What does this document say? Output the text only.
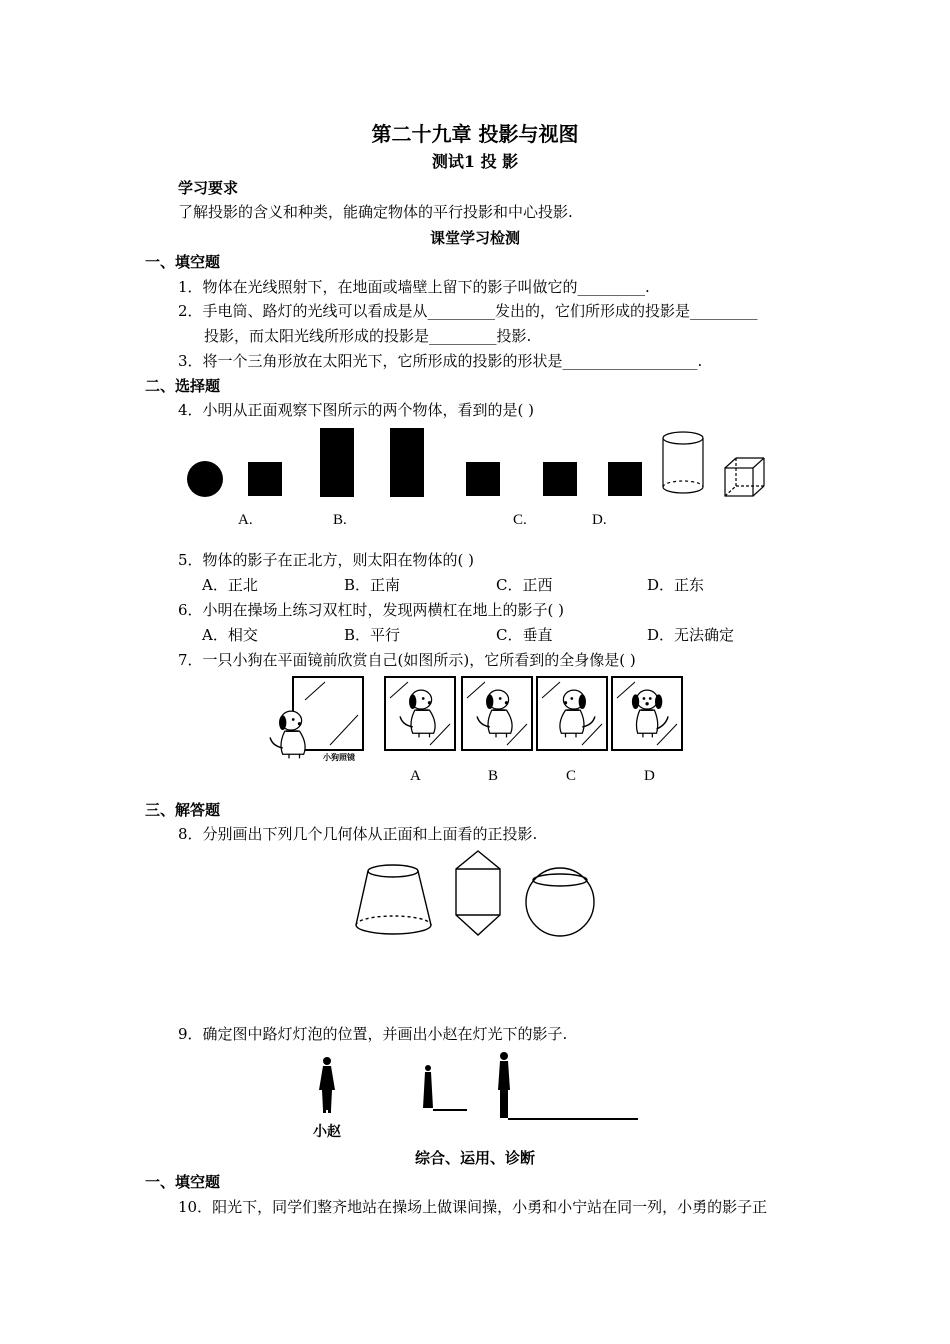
第二十九章 投影与视图
测试1 投 影
学习要求
了解投影的含义和种类，能确定物体的平行投影和中心投影.
课堂学习检测
一、填空题
1．物体在光线照射下，在地面或墙壁上留下的影子叫做它的_________.
2．手电筒、路灯的光线可以看成是从_________发出的，它们所形成的投影是_________
投影，而太阳光线所形成的投影是_________投影.
3．将一个三角形放在太阳光下，它所形成的投影的形状是__________________.
二、选择题
4．小明从正面观察下图所示的两个物体，看到的是( )
A.	B.	C.	D.
5．物体的影子在正北方，则太阳在物体的( )
A．正北	B．正南	C．正西	D．正东
6．小明在操场上练习双杠时，发现两横杠在地上的影子( )
A．相交	B．平行	C．垂直	D．无法确定
7．一只小狗在平面镜前欣赏自己(如图所示)，它所看到的全身像是( )
小狗照镜
A	B	C	D
三、解答题
8．分别画出下列几个几何体从正面和上面看的正投影.
9．确定图中路灯灯泡的位置，并画出小赵在灯光下的影子.
小赵
综合、运用、诊断
一、填空题
10．阳光下，同学们整齐地站在操场上做课间操，小勇和小宁站在同一列，小勇的影子正
